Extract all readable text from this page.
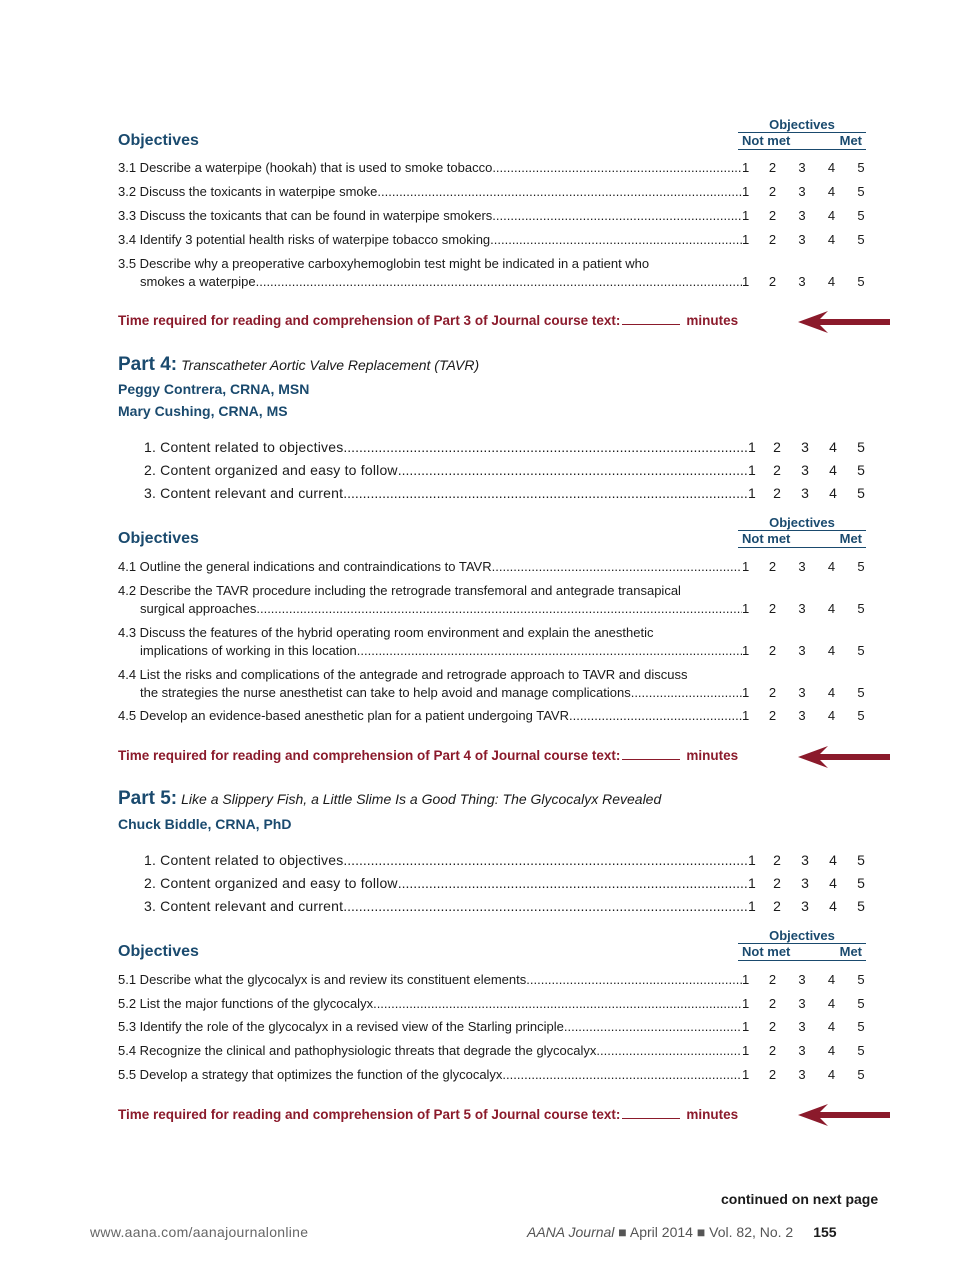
Objectives
Objectives
Not met	Met
3.1 Describe a waterpipe (hookah) that is used to smoke tobacco..... .....	1 2 3 4 5
3.2 Discuss the toxicants in waterpipe smoke. .....	1 2 3 4 5
3.3 Discuss the toxicants that can be found in waterpipe smokers. .....	1 2 3 4 5
3.4 Identify 3 potential health risks of waterpipe tobacco smoking..... .....	1 2 3 4 5
3.5 Describe why a preoperative carboxyhemoglobin test might be indicated in a patient who
smokes a waterpipe..... .....	1 2 3 4 5
Time required for reading and comprehension of Part 3 of Journal course text:	minutes
Part 4: Transcatheter Aortic Valve Replacement (TAVR)
Peggy Contrera, CRNA, MSN
Mary Cushing, CRNA, MS
1. Content related to objectives .....	1 2 3 4 5
2. Content organized and easy to follow .....	1 2 3 4 5
3. Content relevant and current .....	1 2 3 4 5
Objectives
Objectives
Not met	Met
4.1 Outline the general indications and contraindications to TAVR. .....	1 2 3 4 5
4.2 Describe the TAVR procedure including the retrograde transfemoral and antegrade transapical
surgical approaches. .....	1 2 3 4 5
4.3 Discuss the features of the hybrid operating room environment and explain the anesthetic
implications of working in this location. .....	1 2 3 4 5
4.4 List the risks and complications of the antegrade and retrograde approach to TAVR and discuss
the strategies the nurse anesthetist can take to help avoid and manage complications. .....	1 2 3 4 5
4.5 Develop an evidence-based anesthetic plan for a patient undergoing TAVR. .....	1 2 3 4 5
Time required for reading and comprehension of Part 4 of Journal course text:	minutes
Part 5: Like a Slippery Fish, a Little Slime Is a Good Thing: The Glycocalyx Revealed
Chuck Biddle, CRNA, PhD
1. Content related to objectives .....	1 2 3 4 5
2. Content organized and easy to follow .....	1 2 3 4 5
3. Content relevant and current .....	1 2 3 4 5
Objectives
Objectives
Not met	Met
5.1 Describe what the glycocalyx is and review its constituent elements. .....	1 2 3 4 5
5.2 List the major functions of the glycocalyx. .....	1 2 3 4 5
5.3 Identify the role of the glycocalyx in a revised view of the Starling principle. .....	1 2 3 4 5
5.4 Recognize the clinical and pathophysiologic threats that degrade the glycocalyx. .....	1 2 3 4 5
5.5 Develop a strategy that optimizes the function of the glycocalyx. .....	1 2 3 4 5
Time required for reading and comprehension of Part 5 of Journal course text:	minutes
continued on next page
www.aana.com/aanajournalonline	AANA Journal ■ April 2014 ■ Vol. 82, No. 2 155
